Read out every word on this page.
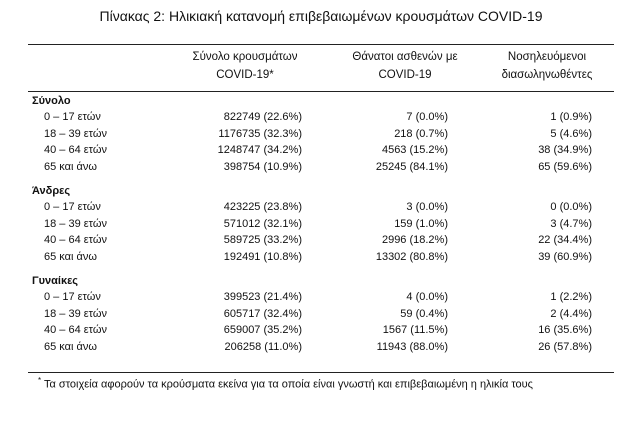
Πίνακας 2: Ηλικιακή κατανομή επιβεβαιωμένων κρουσμάτων COVID-19
Σύνολο κρουσμάτων
COVID-19*
Θάνατοι ασθενών με
COVID-19
Νοσηλευόμενοι
διασωληνωθέντες
Σύνολο
0 – 17 ετών	822749 (22.6%)	7 (0.0%)	1 (0.9%)
18 – 39 ετών	1176735 (32.3%)	218 (0.7%)	5 (4.6%)
40 – 64 ετών	1248747 (34.2%)	4563 (15.2%)	38 (34.9%)
65 και άνω	398754 (10.9%)	25245 (84.1%)	65 (59.6%)
Άνδρες
0 – 17 ετών	423225 (23.8%)	3 (0.0%)	0 (0.0%)
18 – 39 ετών	571012 (32.1%)	159 (1.0%)	3 (4.7%)
40 – 64 ετών	589725 (33.2%)	2996 (18.2%)	22 (34.4%)
65 και άνω	192491 (10.8%)	13302 (80.8%)	39 (60.9%)
Γυναίκες
0 – 17 ετών	399523 (21.4%)	4 (0.0%)	1 (2.2%)
18 – 39 ετών	605717 (32.4%)	59 (0.4%)	2 (4.4%)
40 – 64 ετών	659007 (35.2%)	1567 (11.5%)	16 (35.6%)
65 και άνω	206258 (11.0%)	11943 (88.0%)	26 (57.8%)
* Τα στοιχεία αφορούν τα κρούσματα εκείνα για τα οποία είναι γνωστή και επιβεβαιωμένη η ηλικία τους
